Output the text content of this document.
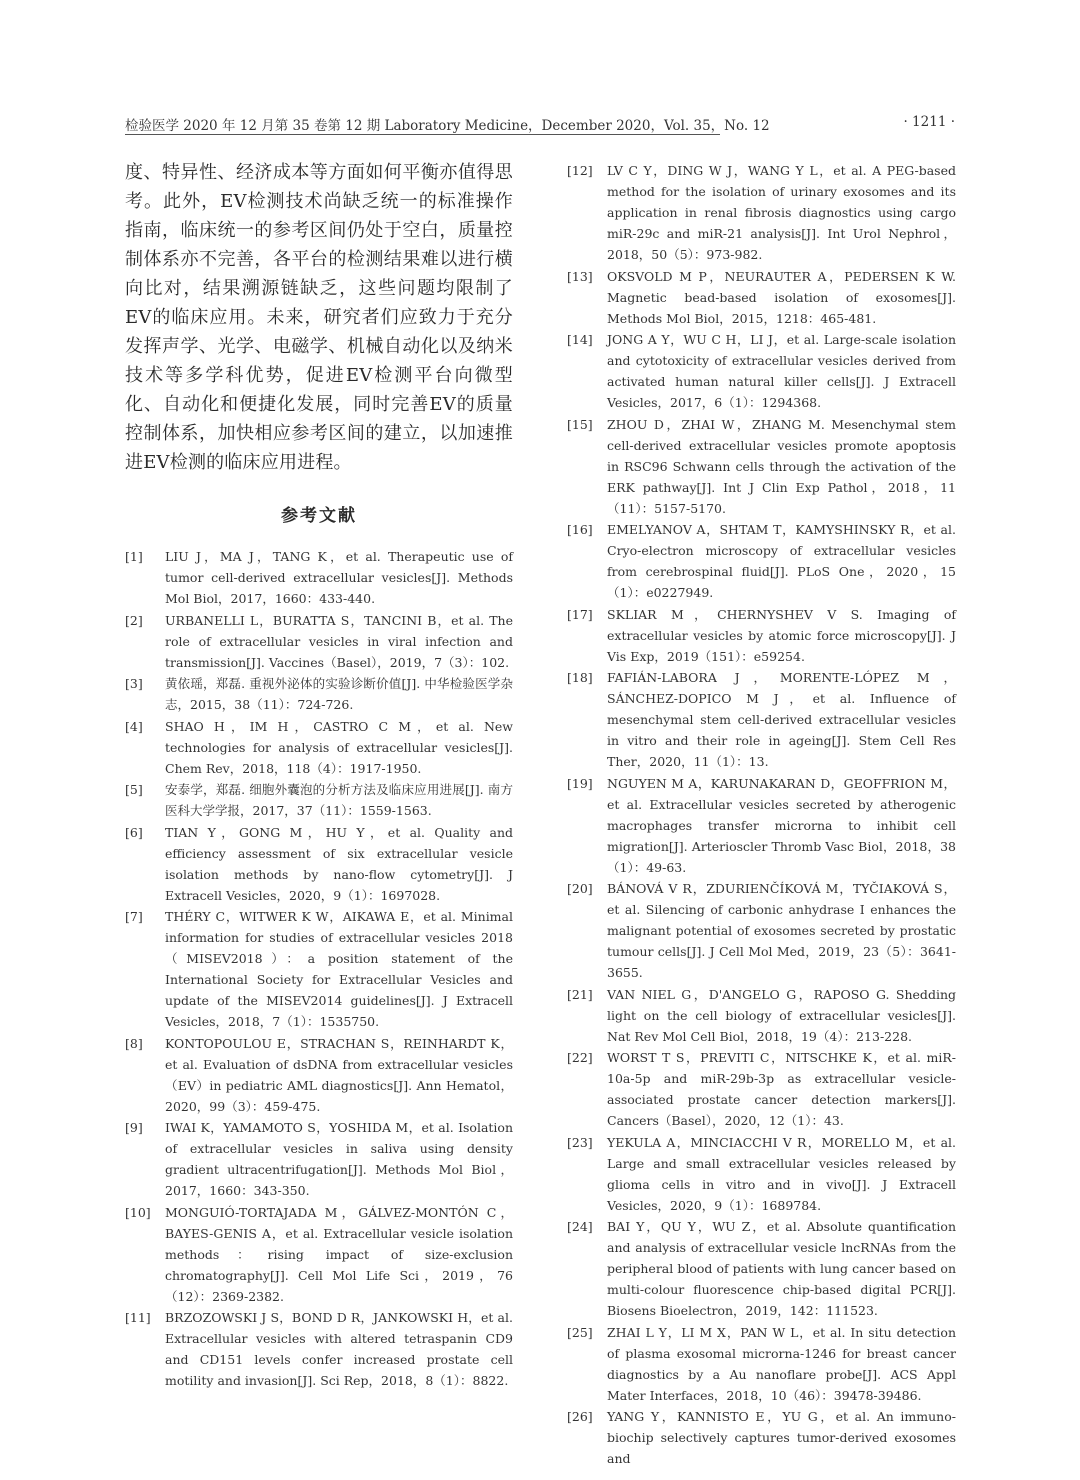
检验医学 2020 年 12 月第 35 卷第 12 期 Laboratory Medicine，December 2020，Vol. 35，No. 12	· 1211 ·

度、特异性、经济成本等方面如何平衡亦值得思考。此外，EV检测技术尚缺乏统一的标准操作指南，临床统一的参考区间仍处于空白，质量控制体系亦不完善，各平台的检测结果难以进行横向比对，结果溯源链缺乏，这些问题均限制了EV的临床应用。未来，研究者们应致力于充分发挥声学、光学、电磁学、机械自动化以及纳米技术等多学科优势，促进EV检测平台向微型化、自动化和便捷化发展，同时完善EV的质量控制体系，加快相应参考区间的建立，以加速推进EV检测的临床应用进程。

参考文献
[1]	LIU J，MA J，TANG K，et al. Therapeutic use of tumor cell-derived extracellular vesicles[J]. Methods Mol Biol，2017，1660：433-440.
[2]	URBANELLI L，BURATTA S，TANCINI B，et al. The role of extracellular vesicles in viral infection and transmission[J]. Vaccines（Basel），2019，7（3）：102.
[3]	黄依瑶，郑磊. 重视外泌体的实验诊断价值[J]. 中华检验医学杂志，2015，38（11）：724-726.
[4]	SHAO H，IM H，CASTRO C M，et al. New technologies for analysis of extracellular vesicles[J]. Chem Rev，2018，118（4）：1917-1950.
[5]	安泰学，郑磊. 细胞外囊泡的分析方法及临床应用进展[J]. 南方医科大学学报，2017，37（11）：1559-1563.
[6]	TIAN Y，GONG M，HU Y，et al. Quality and efficiency assessment of six extracellular vesicle isolation methods by nano-flow cytometry[J]. J Extracell Vesicles，2020，9（1）：1697028.
[7]	THÉRY C，WITWER K W，AIKAWA E，et al. Minimal information for studies of extracellular vesicles 2018（MISEV2018）：a position statement of the International Society for Extracellular Vesicles and update of the MISEV2014 guidelines[J]. J Extracell Vesicles，2018，7（1）：1535750.
[8]	KONTOPOULOU E，STRACHAN S，REINHARDT K，et al. Evaluation of dsDNA from extracellular vesicles（EV）in pediatric AML diagnostics[J]. Ann Hematol，2020，99（3）：459-475.
[9]	IWAI K，YAMAMOTO S，YOSHIDA M，et al. Isolation of extracellular vesicles in saliva using density gradient ultracentrifugation[J]. Methods Mol Biol，2017，1660：343-350.
[10]	MONGUIÓ-TORTAJADA M，GÁLVEZ-MONTÓN C，BAYES-GENIS A，et al. Extracellular vesicle isolation methods：rising impact of size-exclusion chromatography[J]. Cell Mol Life Sci，2019，76（12）：2369-2382.
[11]	BRZOZOWSKI J S，BOND D R，JANKOWSKI H，et al. Extracellular vesicles with altered tetraspanin CD9 and CD151 levels confer increased prostate cell motility and invasion[J]. Sci Rep，2018，8（1）：8822.
[12]	LV C Y，DING W J，WANG Y L，et al. A PEG-based method for the isolation of urinary exosomes and its application in renal fibrosis diagnostics using cargo miR-29c and miR-21 analysis[J]. Int Urol Nephrol，2018，50（5）：973-982.
[13]	OKSVOLD M P，NEURAUTER A，PEDERSEN K W. Magnetic bead-based isolation of exosomes[J]. Methods Mol Biol，2015，1218：465-481.
[14]	JONG A Y，WU C H，LI J，et al. Large-scale isolation and cytotoxicity of extracellular vesicles derived from activated human natural killer cells[J]. J Extracell Vesicles，2017，6（1）：1294368.
[15]	ZHOU D，ZHAI W，ZHANG M. Mesenchymal stem cell-derived extracellular vesicles promote apoptosis in RSC96 Schwann cells through the activation of the ERK pathway[J]. Int J Clin Exp Pathol，2018，11（11）：5157-5170.
[16]	EMELYANOV A，SHTAM T，KAMYSHINSKY R，et al. Cryo-electron microscopy of extracellular vesicles from cerebrospinal fluid[J]. PLoS One，2020，15（1）：e0227949.
[17]	SKLIAR M，CHERNYSHEV V S. Imaging of extracellular vesicles by atomic force microscopy[J]. J Vis Exp，2019（151）：e59254.
[18]	FAFIÁN-LABORA J，MORENTE-LÓPEZ M，SÁNCHEZ-DOPICO M J，et al. Influence of mesenchymal stem cell-derived extracellular vesicles in vitro and their role in ageing[J]. Stem Cell Res Ther，2020，11（1）：13.
[19]	NGUYEN M A，KARUNAKARAN D，GEOFFRION M，et al. Extracellular vesicles secreted by atherogenic macrophages transfer microrna to inhibit cell migration[J]. Arterioscler Thromb Vasc Biol，2018，38（1）：49-63.
[20]	BÁNOVÁ V R，ZDURIENČÍKOVÁ M，TYČIAKOVÁ S，et al. Silencing of carbonic anhydrase I enhances the malignant potential of exosomes secreted by prostatic tumour cells[J]. J Cell Mol Med，2019，23（5）：3641-3655.
[21]	VAN NIEL G，D'ANGELO G，RAPOSO G. Shedding light on the cell biology of extracellular vesicles[J]. Nat Rev Mol Cell Biol，2018，19（4）：213-228.
[22]	WORST T S，PREVITI C，NITSCHKE K，et al. miR-10a-5p and miR-29b-3p as extracellular vesicle-associated prostate cancer detection markers[J]. Cancers（Basel），2020，12（1）：43.
[23]	YEKULA A，MINCIACCHI V R，MORELLO M，et al. Large and small extracellular vesicles released by glioma cells in vitro and in vivo[J]. J Extracell Vesicles，2020，9（1）：1689784.
[24]	BAI Y，QU Y，WU Z，et al. Absolute quantification and analysis of extracellular vesicle lncRNAs from the peripheral blood of patients with lung cancer based on multi-colour fluorescence chip-based digital PCR[J]. Biosens Bioelectron，2019，142：111523.
[25]	ZHAI L Y，LI M X，PAN W L，et al. In situ detection of plasma exosomal microrna-1246 for breast cancer diagnostics by a Au nanoflare probe[J]. ACS Appl Mater Interfaces，2018，10（46）：39478-39486.
[26]	YANG Y，KANNISTO E，YU G，et al. An immuno-biochip selectively captures tumor-derived exosomes and
